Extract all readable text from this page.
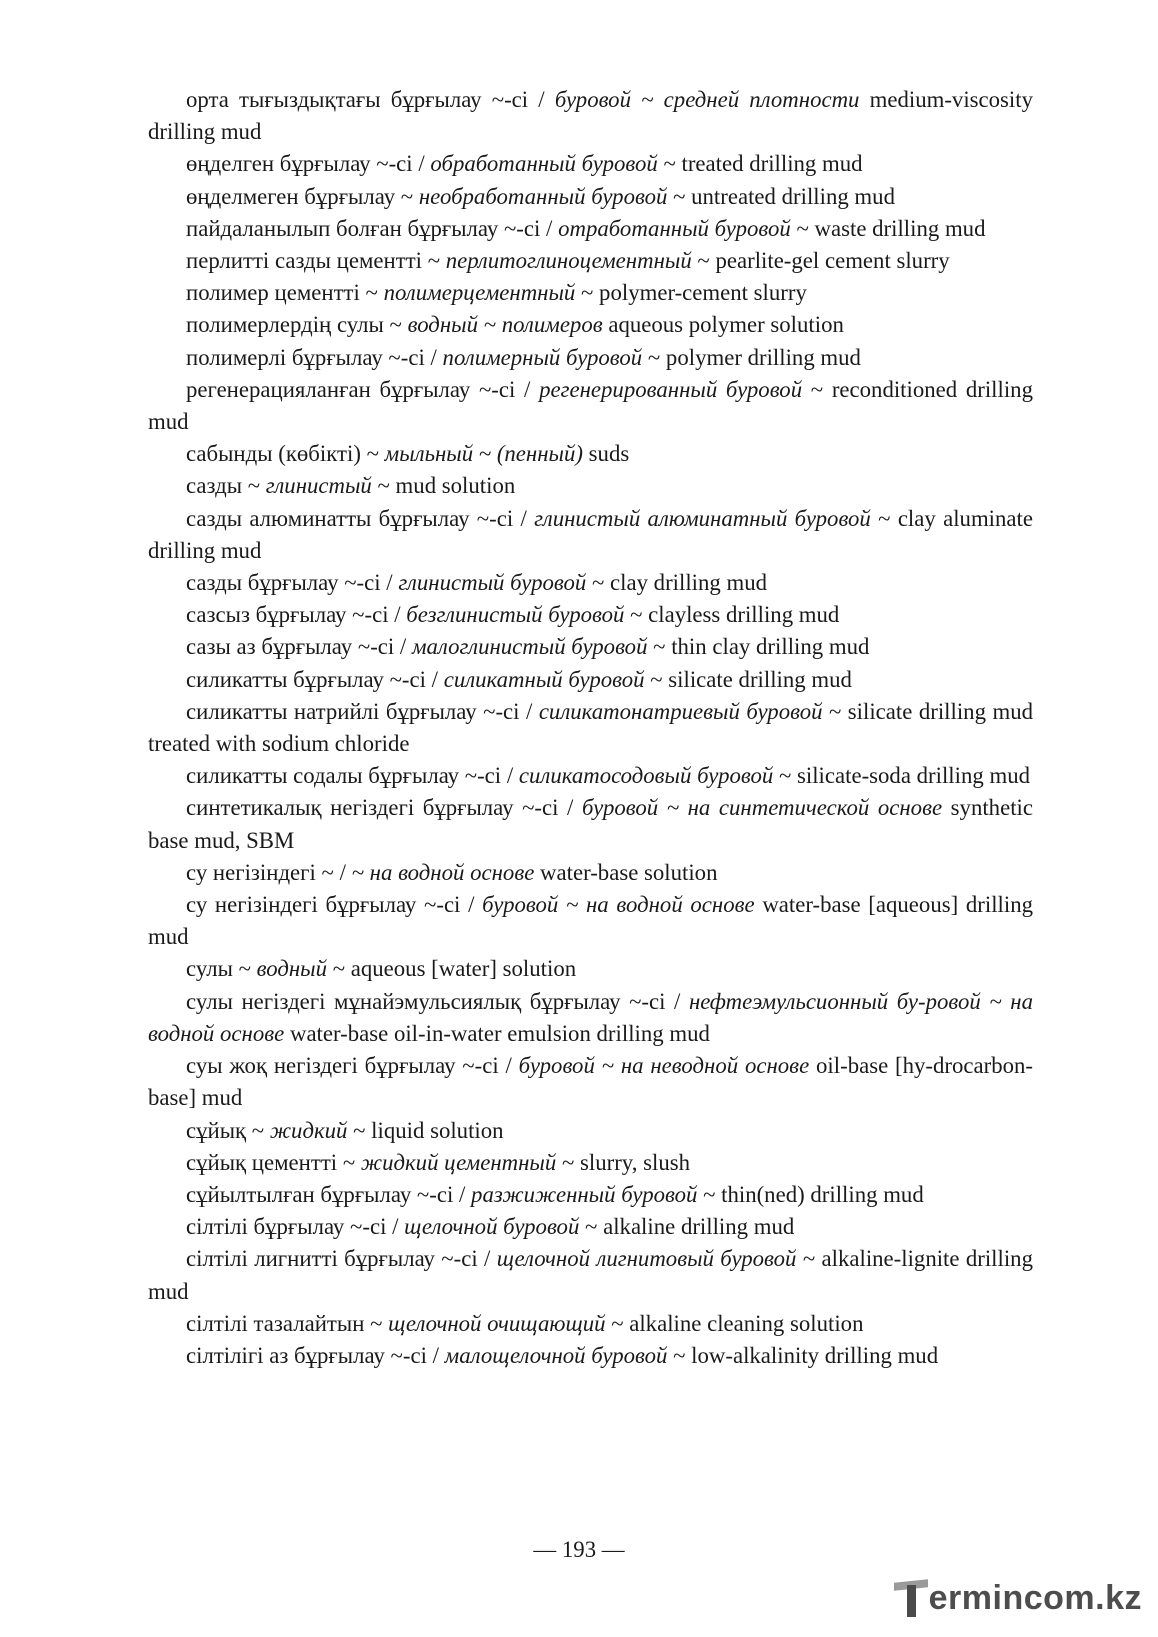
орта тығыздықтағы бұрғылау ~-сі / буровой ~ средней плотности medium-viscosity drilling mud

өңделген бұрғылау ~-сі / обработанный буровой ~ treated drilling mud

өңделмеген бұрғылау ~ необработанный буровой ~ untreated drilling mud

пайдаланылып болған бұрғылау ~-сі / отработанный буровой ~ waste drilling mud

перлитті сазды цементті ~ перлитоглиноцементный ~ pearlite-gel cement slurry

полимер цементті ~ полимерцементный ~ polymer-cement slurry

полимерлердің сулы ~ водный ~ полимеров aqueous polymer solution

полимерлі бұрғылау ~-сі / полимерный буровой ~ polymer drilling mud

регенерацияланған бұрғылау ~-сі / регенерированный буровой ~ reconditioned drilling mud

сабынды (көбікті) ~ мыльный ~ (пенный) suds

сазды ~ глинистый ~ mud solution

сазды алюминатты бұрғылау ~-сі / глинистый алюминатный буровой ~ clay aluminate drilling mud

сазды бұрғылау ~-сі / глинистый буровой ~ clay drilling mud

сазсыз бұрғылау ~-сі / безглинистый буровой ~ clayless drilling mud

сазы аз бұрғылау ~-сі / малоглинистый буровой ~ thin clay drilling mud

силикатты бұрғылау ~-сі / силикатный буровой ~ silicate drilling mud

силикатты натрийлі бұрғылау ~-сі / силикатонатриевый буровой ~ silicate drilling mud treated with sodium chloride

силикатты содалы бұрғылау ~-сі / силикатосодовый буровой ~ silicate-soda drilling mud

синтетикалық негіздегі бұрғылау ~-сі / буровой ~ на синтетической основе synthetic base mud, SBM

су негізіндегі ~ / ~ на водной основе water-base solution

су негізіндегі бұрғылау ~-сі / буровой ~ на водной основе water-base [aqueous] drilling mud

сулы ~ водный ~ aqueous [water] solution

сулы негіздегі мұнайэмульсиялық бұрғылау ~-сі / нефтеэмульсионный бу-ровой ~ на водной основе water-base oil-in-water emulsion drilling mud

суы жоқ негіздегі бұрғылау ~-сі / буровой ~ на неводной основе oil-base [hy-drocarbon-base] mud

сұйық ~ жидкий ~ liquid solution

сұйық цементті ~ жидкий цементный ~ slurry, slush

сұйылтылған бұрғылау ~-сі / разжиженный буровой ~ thin(ned) drilling mud

сілтілі бұрғылау ~-сі / щелочной буровой ~ alkaline drilling mud

сілтілі лигнитті бұрғылау ~-сі / щелочной лигнитовый буровой ~ alkaline-lignite drilling mud

сілтілі тазалайтын ~ щелочной очищающий ~ alkaline cleaning solution

сілтілігі аз бұрғылау ~-сі / малощелочной буровой ~ low-alkalinity drilling mud

— 193 —
ermincom.kz
